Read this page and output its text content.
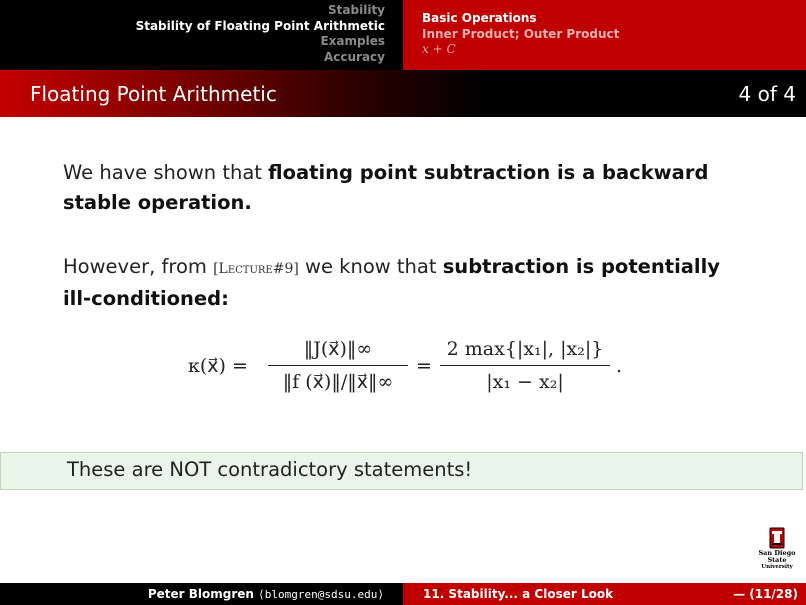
Stability
Stability of Floating Point Arithmetic
Examples
Accuracy
Basic Operations
Inner Product; Outer Product
x + C
Floating Point Arithmetic	4 of 4
We have shown that floating point subtraction is a backward stable operation.
However, from [Lecture#9] we know that subtraction is potentially ill-conditioned:
κ(x⃗) =
‖J(x⃗)‖∞
‖f (x⃗)‖/‖x⃗‖∞
=
2 max{|x₁|, |x₂|}
|x₁ − x₂|
.
These are NOT contradictory statements!
San Diego State
University
Peter Blomgren ⟨blomgren@sdsu.edu⟩	11. Stability... a Closer Look	— (11/28)
